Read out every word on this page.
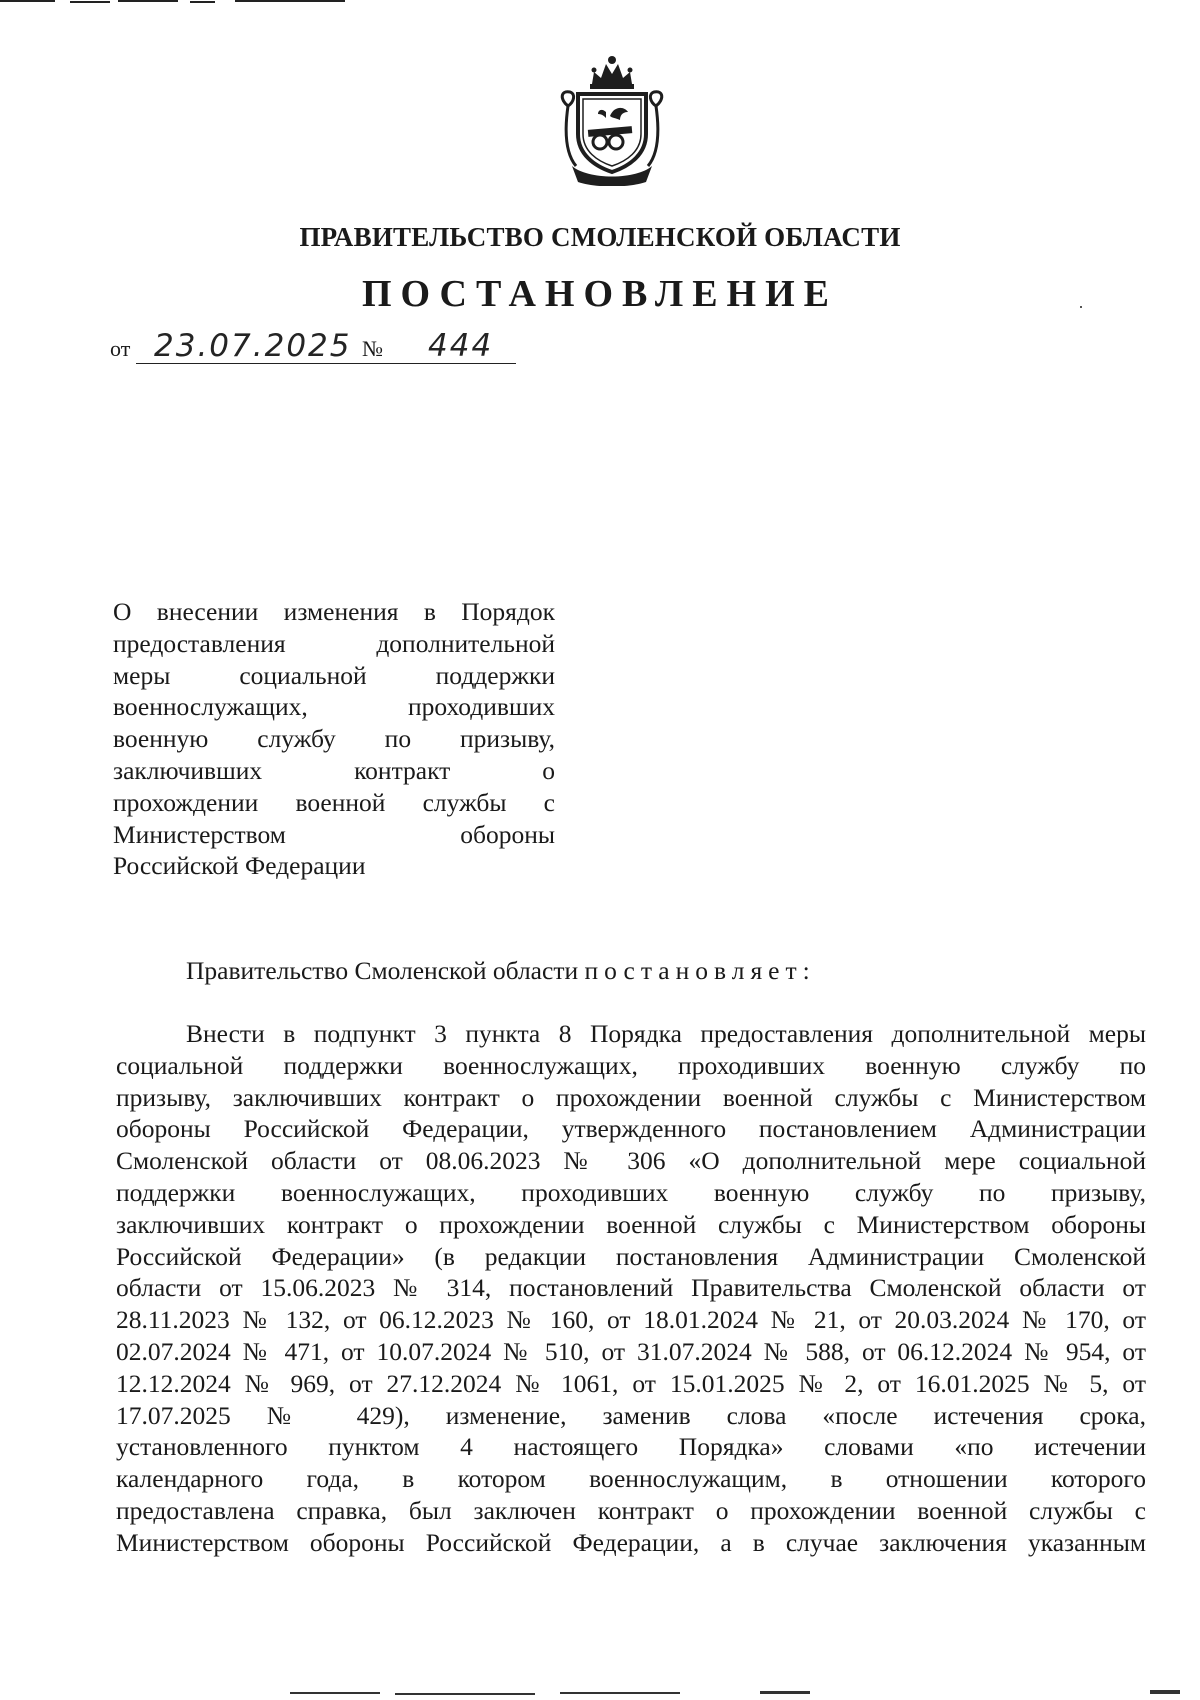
ПРАВИТЕЛЬСТВО СМОЛЕНСКОЙ ОБЛАСТИ
ПОСТАНОВЛЕНИЕ
от 23.07.2025 № 444
О внесении изменения в Порядок
предоставления дополнительной
меры социальной поддержки
военнослужащих, проходивших
военную службу по призыву,
заключивших контракт о
прохождении военной службы с
Министерством обороны
Российской Федерации
Правительство Смоленской области постановляет:
Внести в подпункт 3 пункта 8 Порядка предоставления дополнительной меры
социальной поддержки военнослужащих, проходивших военную службу по
призыву, заключивших контракт о прохождении военной службы с Министерством
обороны Российской Федерации, утвержденного постановлением Администрации
Смоленской области от 08.06.2023 № 306 «О дополнительной мере социальной
поддержки военнослужащих, проходивших военную службу по призыву,
заключивших контракт о прохождении военной службы с Министерством обороны
Российской Федерации» (в редакции постановления Администрации Смоленской
области от 15.06.2023 № 314, постановлений Правительства Смоленской области от
28.11.2023 № 132, от 06.12.2023 № 160, от 18.01.2024 № 21, от 20.03.2024 № 170, от
02.07.2024 № 471, от 10.07.2024 № 510, от 31.07.2024 № 588, от 06.12.2024 № 954, от
12.12.2024 № 969, от 27.12.2024 № 1061, от 15.01.2025 № 2, от 16.01.2025 № 5, от
17.07.2025 № 429), изменение, заменив слова «после истечения срока,
установленного пунктом 4 настоящего Порядка» словами «по истечении
календарного года, в котором военнослужащим, в отношении которого
предоставлена справка, был заключен контракт о прохождении военной службы с
Министерством обороны Российской Федерации, а в случае заключения указанным
